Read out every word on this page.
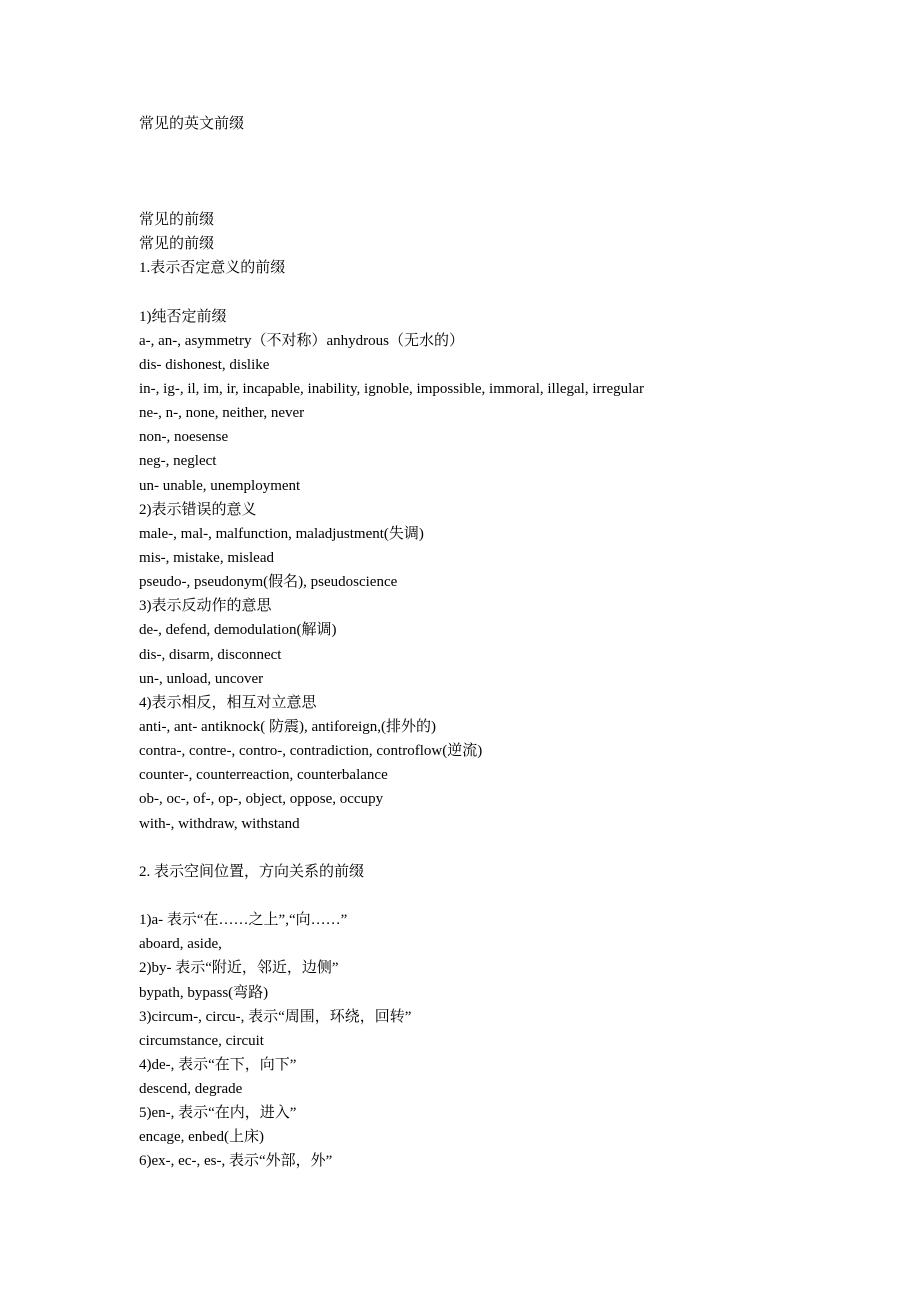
常见的英文前缀
常见的前缀
常见的前缀
1.表示否定意义的前缀
1)纯否定前缀
a-, an-, asymmetry（不对称）anhydrous（无水的）
dis- dishonest, dislike
in-, ig-, il, im, ir, incapable, inability, ignoble, impossible, immoral, illegal, irregular
ne-, n-, none, neither, never
non-, noesense
neg-, neglect
un- unable, unemployment
2)表示错误的意义
male-, mal-, malfunction, maladjustment(失调)
mis-, mistake, mislead
pseudo-, pseudonym(假名), pseudoscience
3)表示反动作的意思
de-, defend, demodulation(解调)
dis-, disarm, disconnect
un-, unload, uncover
4)表示相反，相互对立意思
anti-, ant- antiknock( 防震), antiforeign,(排外的)
contra-, contre-, contro-, contradiction, controflow(逆流)
counter-, counterreaction, counterbalance
ob-, oc-, of-, op-, object, oppose, occupy
with-, withdraw, withstand
2. 表示空间位置，方向关系的前缀
1)a- 表示“在……之上”,“向……”
aboard, aside,
2)by- 表示“附近，邻近，边侧”
bypath, bypass(弯路)
3)circum-, circu-, 表示“周围，环绕，回转”
circumstance, circuit
4)de-, 表示“在下，向下”
descend, degrade
5)en-, 表示“在内，进入”
encage, enbed(上床)
6)ex-, ec-, es-, 表示“外部，外”
